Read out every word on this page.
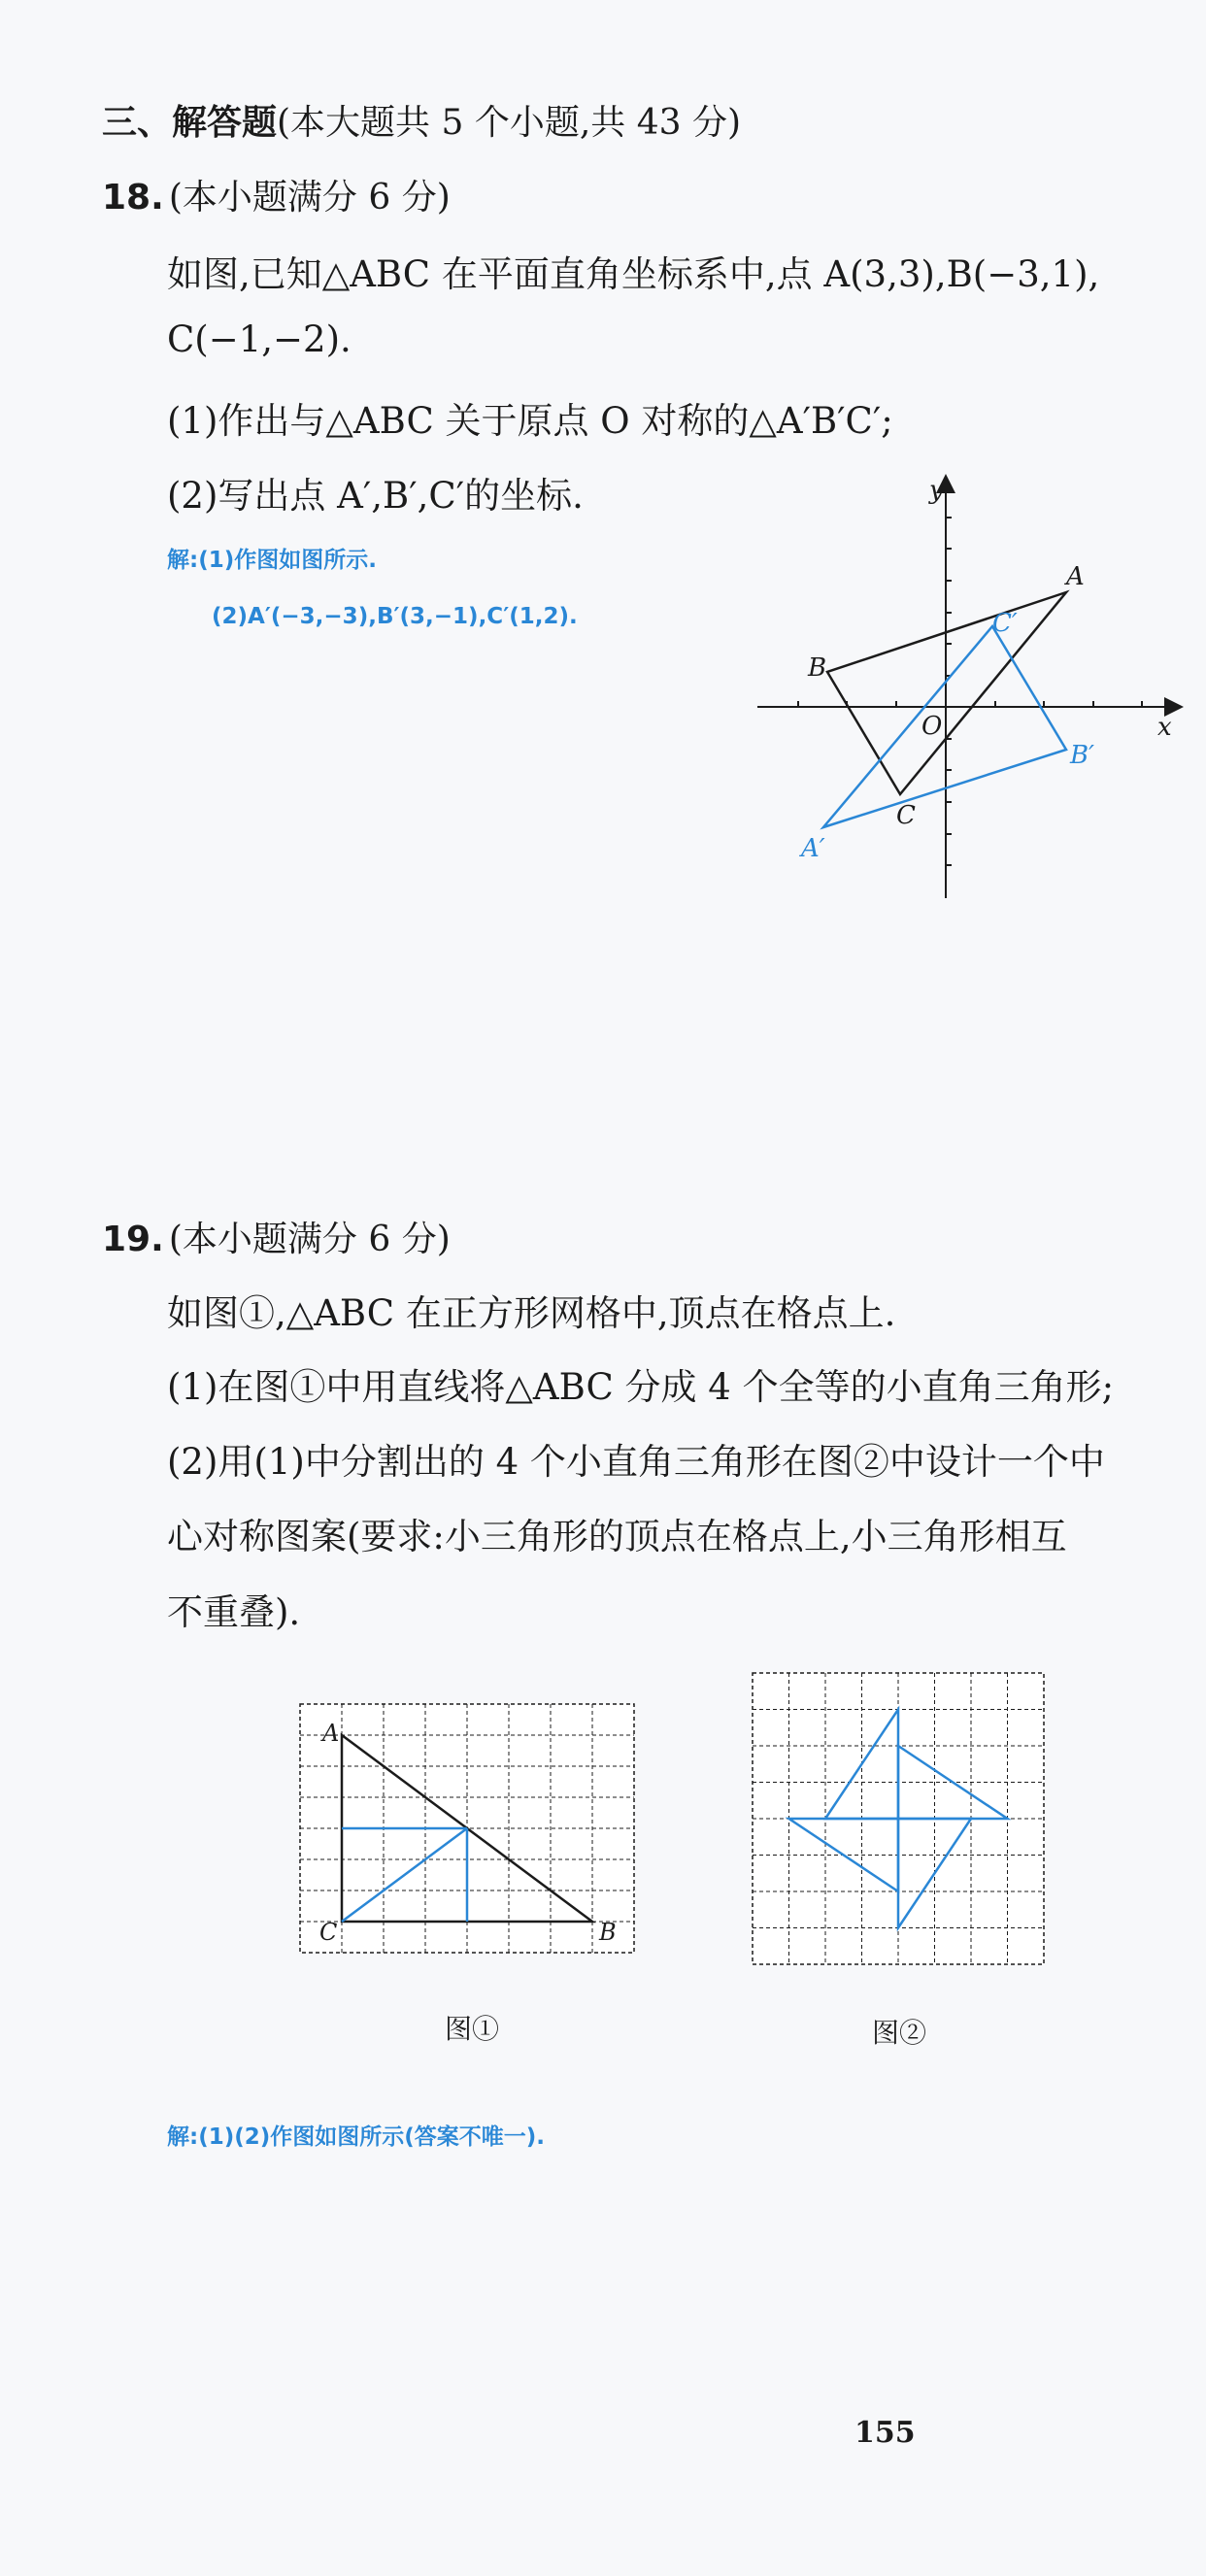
三、解答题(本大题共 5 个小题,共 43 分)
18. (本小题满分 6 分)
如图,已知△ABC 在平面直角坐标系中,点 A(3,3),B(−3,1),
C(−1,−2).
(1)作出与△ABC 关于原点 O 对称的△A′B′C′;
(2)写出点 A′,B′,C′的坐标.
解:(1)作图如图所示.
(2)A′(−3,−3),B′(3,−1),C′(1,2).
y
x
O
A
B
C
A′
B′
C′
19. (本小题满分 6 分)
如图①,△ABC 在正方形网格中,顶点在格点上.
(1)在图①中用直线将△ABC 分成 4 个全等的小直角三角形;
(2)用(1)中分割出的 4 个小直角三角形在图②中设计一个中
心对称图案(要求:小三角形的顶点在格点上,小三角形相互
不重叠).
A
C	B
图①	图②
解:(1)(2)作图如图所示(答案不唯一).
155
